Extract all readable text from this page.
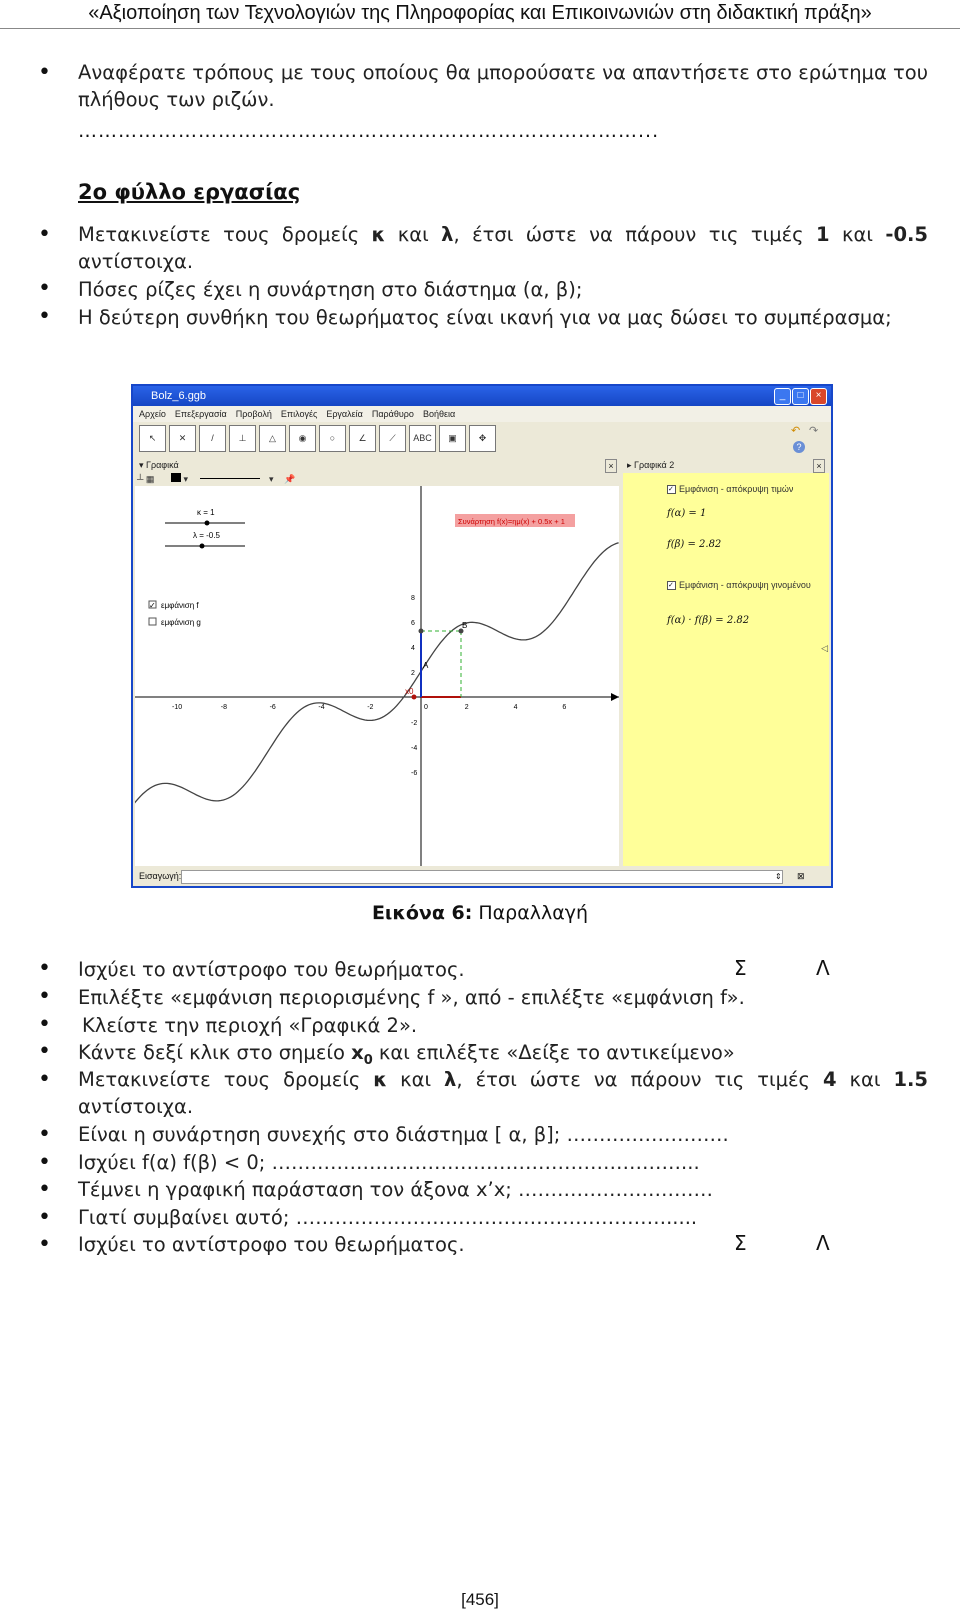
«Αξιοποίηση των Τεχνολογιών της Πληροφορίας και Επικοινωνιών στη διδακτική πράξη»
• Αναφέρατε τρόπους με τους οποίους θα μπορούσατε να απαντήσετε στο ερώτημα του πλήθους των ριζών.
…………………………………………………………………………...
2ο φύλλο εργασίας
• Μετακινείστε τους δρομείς κ και λ, έτσι ώστε να πάρουν τις τιμές 1 και -0.5 αντίστοιχα.
• Πόσες ρίζες έχει η συνάρτηση στο διάστημα (α, β);
• Η δεύτερη συνθήκη του θεωρήματος είναι ικανή για να μας δώσει το συμπέρασμα;
Bolz_6.ggb	_	□	×
Αρχείο Επεξεργασία Προβολή Επιλογές Εργαλεία Παράθυρο Βοήθεια
↖	✕	/	⊥	△	◉	○	∠	⟋	ABC	▣	✥
↶ ↷
?
▾ Γραφικά	×	▸ Γραφικά 2	×
┴ ▦	▾	▾ 📌
-10	-8	-6	-4	-2	0	2	4	6
8
6
4
2
-2
-4
-6
κ = 1
λ = -0.5
✓ εμφάνιση f
εμφάνιση g
Συνάρτηση f(x)=ημ(x) + 0.5x + 1
A
B
x0
✓ Εμφάνιση - απόκρυψη τιμών
f(α) = 1
f(β) = 2.82
✓ Εμφάνιση - απόκρυψη γινομένου
f(α) · f(β) = 2.82
◁
Εισαγωγή:	⇕ ⊠
Εικόνα 6: Παραλλαγή
• Ισχύει το αντίστροφο του θεωρήματος.	Σ	Λ
• Επιλέξτε «εμφάνιση περιορισμένης f », από - επιλέξτε «εμφάνιση f».
• Κλείστε την περιοχή «Γραφικά 2».
• Κάντε δεξί κλικ στο σημείο $x_0$ και επιλέξτε «Δείξε το αντικείμενο»
• Μετακινείστε τους δρομείς κ και λ, έτσι ώστε να πάρουν τις τιμές 4 και 1.5 αντίστοιχα.
• Είναι η συνάρτηση συνεχής στο διάστημα [ α, β]; …………………….
• Ισχύει f(α) f(β) < 0; ………………………………………………………...
• Τέμνει η γραφική παράσταση τον άξονα x’x; …………………………
• Γιατί συμβαίνει αυτό; ………………………………………………….....
• Ισχύει το αντίστροφο του θεωρήματος.	Σ	Λ
[456]
